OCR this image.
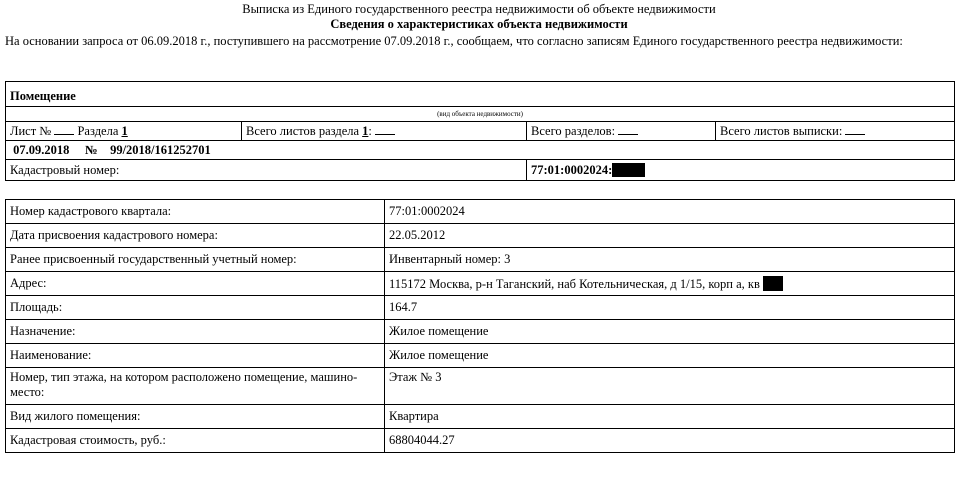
Выписка из Единого государственного реестра недвижимости об объекте недвижимости
Сведения о характеристиках объекта недвижимости
На основании запроса от 06.09.2018 г., поступившего на рассмотрение 07.09.2018 г., сообщаем, что согласно записям Единого государственного реестра недвижимости:
Помещение			
(вид объекта недвижимости)			
Лист № Раздела 1	Всего листов раздела 1:	Всего разделов:	Всего листов выписки:
07.09.2018 № 99/2018/161252701			
Кадастровый номер:		77:01:0002024:	
Номер кадастрового квартала:	77:01:0002024
Дата присвоения кадастрового номера:	22.05.2012
Ранее присвоенный государственный учетный номер:	Инвентарный номер: 3
Адрес:	115172 Москва, р-н Таганский, наб Котельническая, д 1/15, корп а, кв
Площадь:	164.7
Назначение:	Жилое помещение
Наименование:	Жилое помещение
Номер, тип этажа, на котором расположено помещение, машино-место:	Этаж № 3
Вид жилого помещения:	Квартира
Кадастровая стоимость, руб.:	68804044.27
